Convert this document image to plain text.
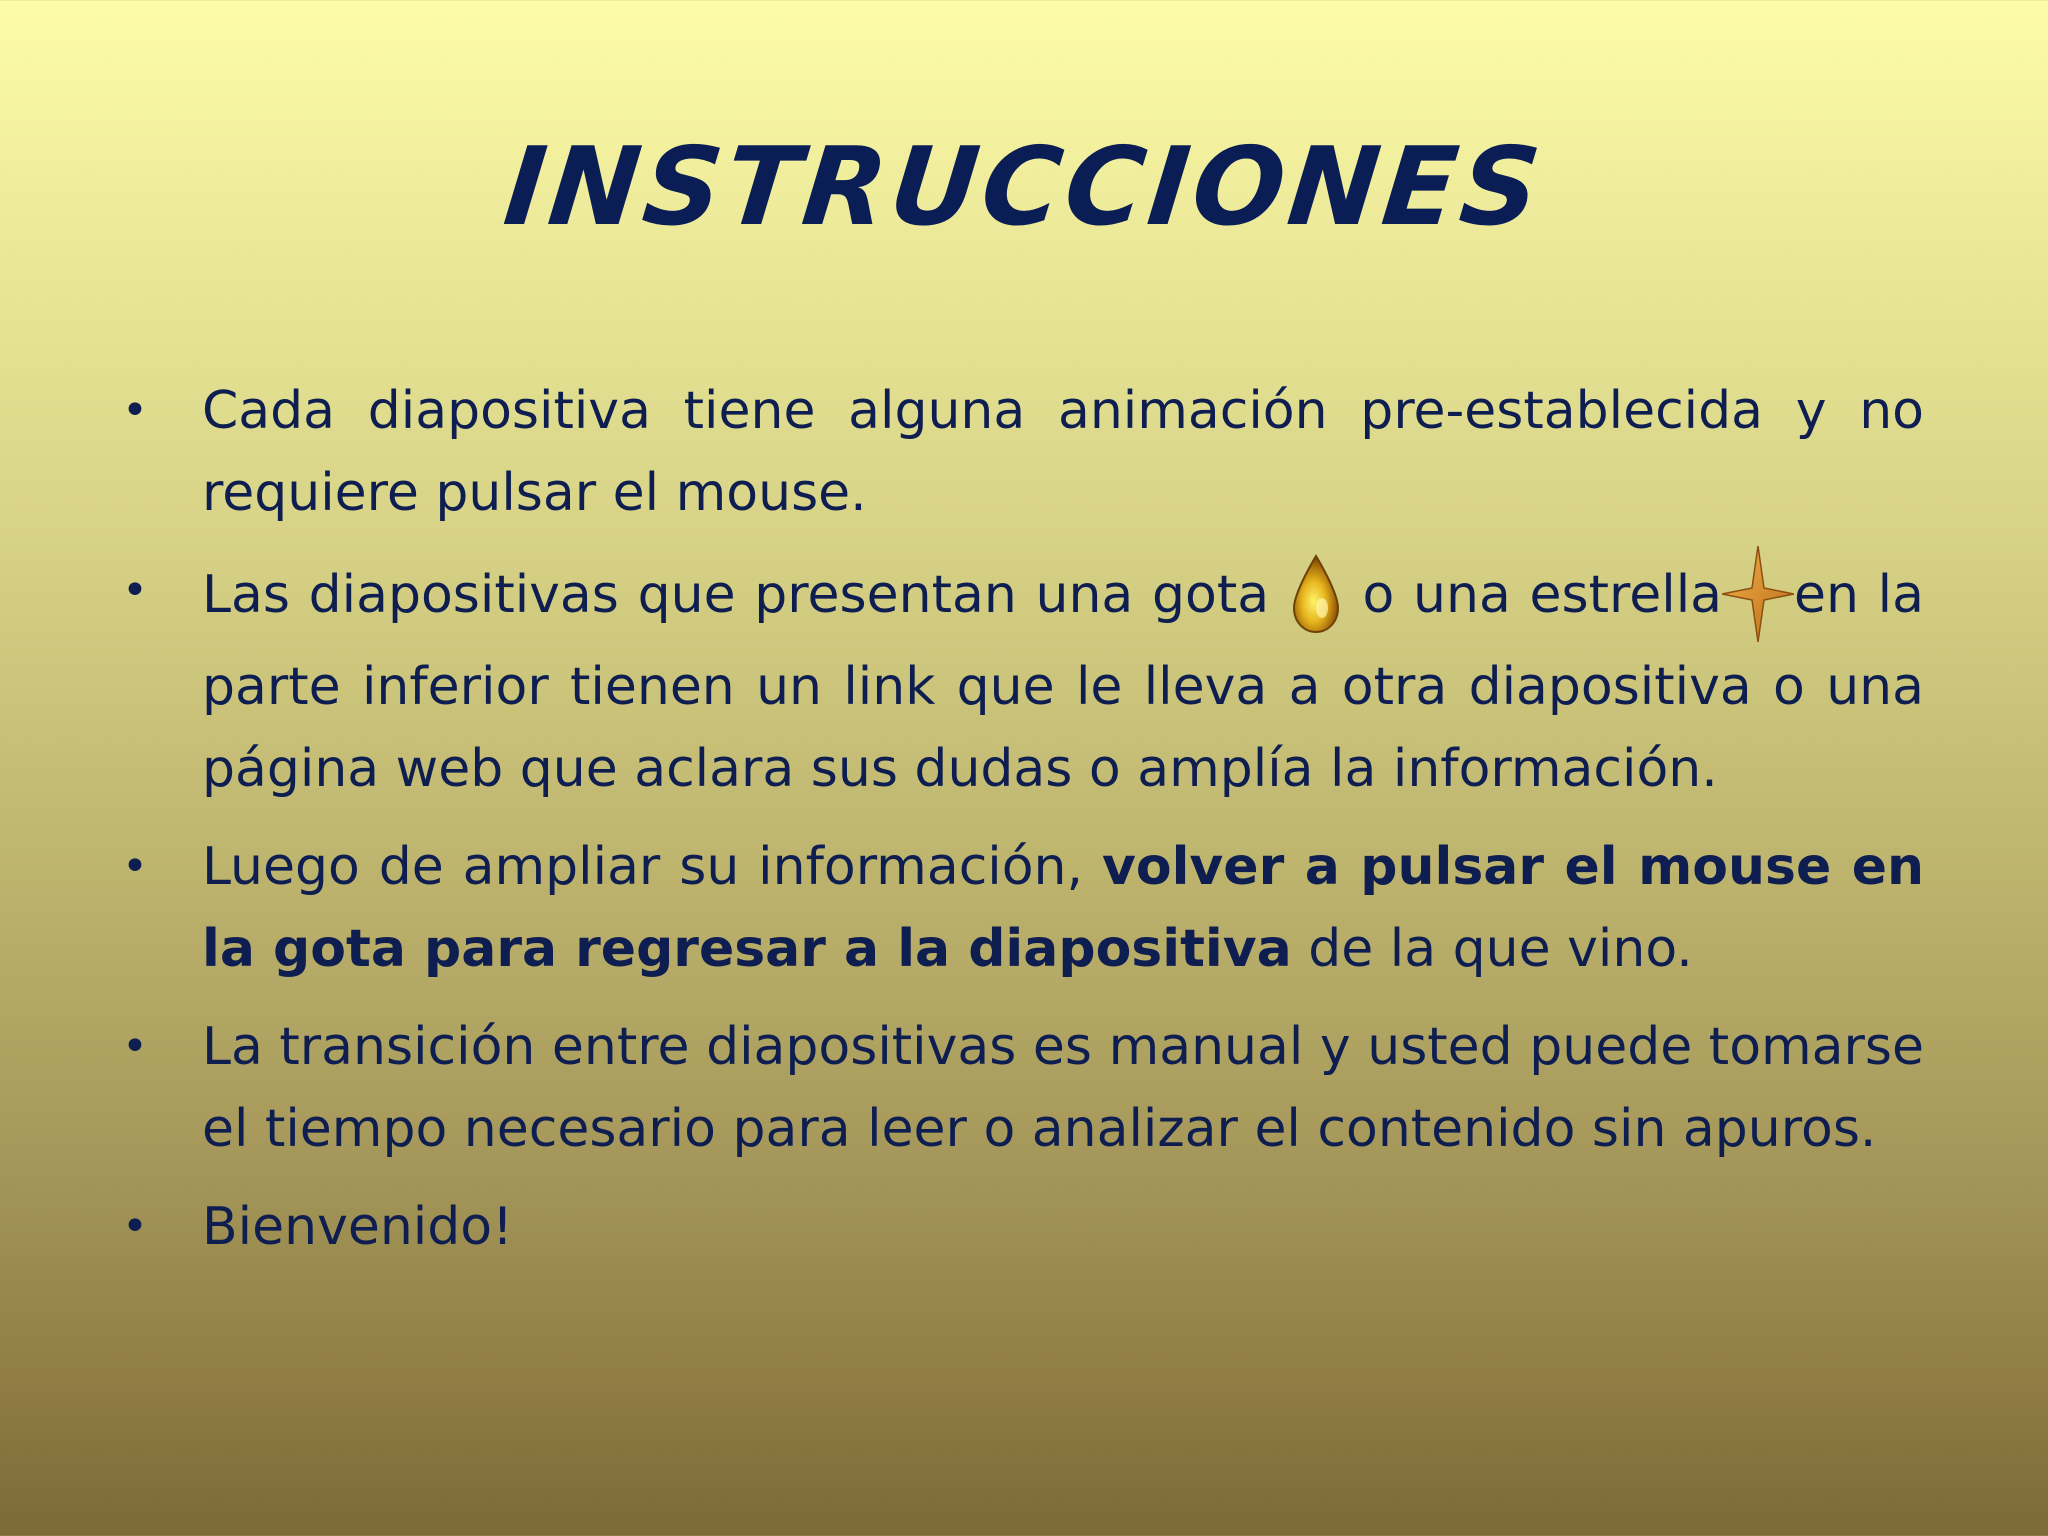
INSTRUCCIONES
• Cada diapositiva tiene alguna animación pre-establecida y no requiere pulsar el mouse.
• Las diapositivas que presentan una gota
o una estrella en la parte inferior tienen un link que le lleva a otra diapositiva o una página web que aclara sus dudas o amplía la información.
• Luego de ampliar su información, volver a pulsar el mouse en la gota para regresar a la diapositiva de la que vino.
• La transición entre diapositivas es manual y usted puede tomarse el tiempo necesario para leer o analizar el contenido sin apuros.
• Bienvenido!
